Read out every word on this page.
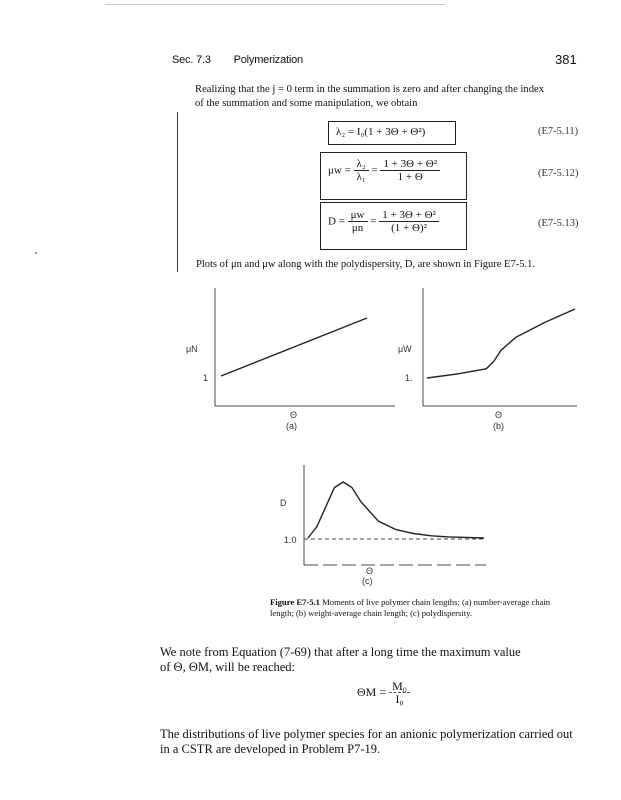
Sec. 7.3 Polymerization	381

Realizing that the j = 0 term in the summation is zero and after changing the index

of the summation and some manipulation, we obtain

λ₂ = I₀(1 + 3Θ + Θ²)	(E7-5.11)
$\mu w = \frac{\text{λ₂}}{\text{λ₁}} = \frac{\text{1 + 3Θ + Θ²}}{1 + \Theta}$	(E7-5.12)
$D = \frac{\mu w}{\mu n} = \frac{\text{1 + 3Θ + Θ²}}{\text{(1 + Θ)²}}$	(E7-5.13)
Plots of μn and μw along with the polydispersity, D, are shown in Figure E7-5.1.
μN
1
Θ
(a)
μW
1.
Θ
(b)
D
1.0
Θ
(c)
Figure E7-5.1 Moments of live polymer chain lengths: (a) number-average chain length; (b) weight-average chain length; (c) polydispersity.

We note from Equation (7-69) that after a long time the maximum value

of Θ, ΘM, will be reached:

$\Theta M = \frac{\text{M₀}}{\text{I₀}}$
The distributions of live polymer species for an anionic polymerization carried out in a CSTR are developed in Problem P7-19.
